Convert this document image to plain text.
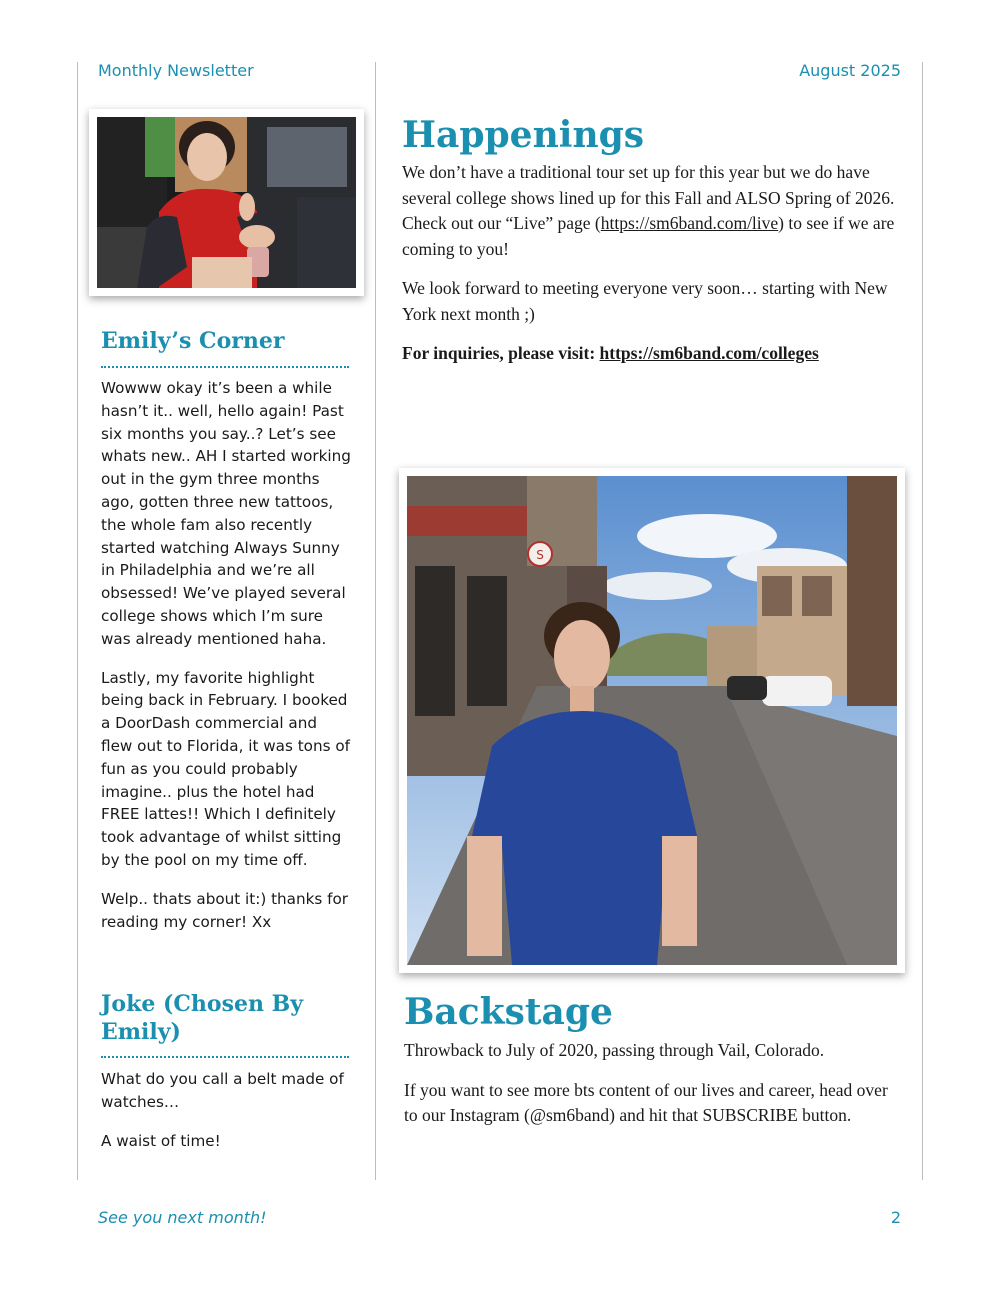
Monthly Newsletter	August 2025
Emily’s Corner

Wowww okay it’s been a while hasn’t it.. well, hello again! Past six months you say..? Let’s see whats new.. AH I started working out in the gym three months ago, gotten three new tattoos, the whole fam also recently started watching Always Sunny in Philadelphia and we’re all obsessed! We’ve played several college shows which I’m sure was already mentioned haha.

Lastly, my favorite highlight being back in February. I booked a DoorDash commercial and flew out to Florida, it was tons of fun as you could probably imagine.. plus the hotel had FREE lattes!! Which I definitely took advantage of whilst sitting by the pool on my time off.

Welp.. thats about it:) thanks for reading my corner! Xx

Joke (Chosen By Emily)

What do you call a belt made of watches…

A waist of time!

Happenings

We don’t have a traditional tour set up for this year but we do have several college shows lined up for this Fall and ALSO Spring of 2026. Check out our “Live” page (https://sm6band.com/live) to see if we are coming to you!

We look forward to meeting everyone very soon… starting with New York next month ;)

For inquiries, please visit: https://sm6band.com/colleges

S
Backstage

Throwback to July of 2020, passing through Vail, Colorado.

If you want to see more bts content of our lives and career, head over to our Instagram (@sm6band) and hit that SUBSCRIBE button.

See you next month!	2
